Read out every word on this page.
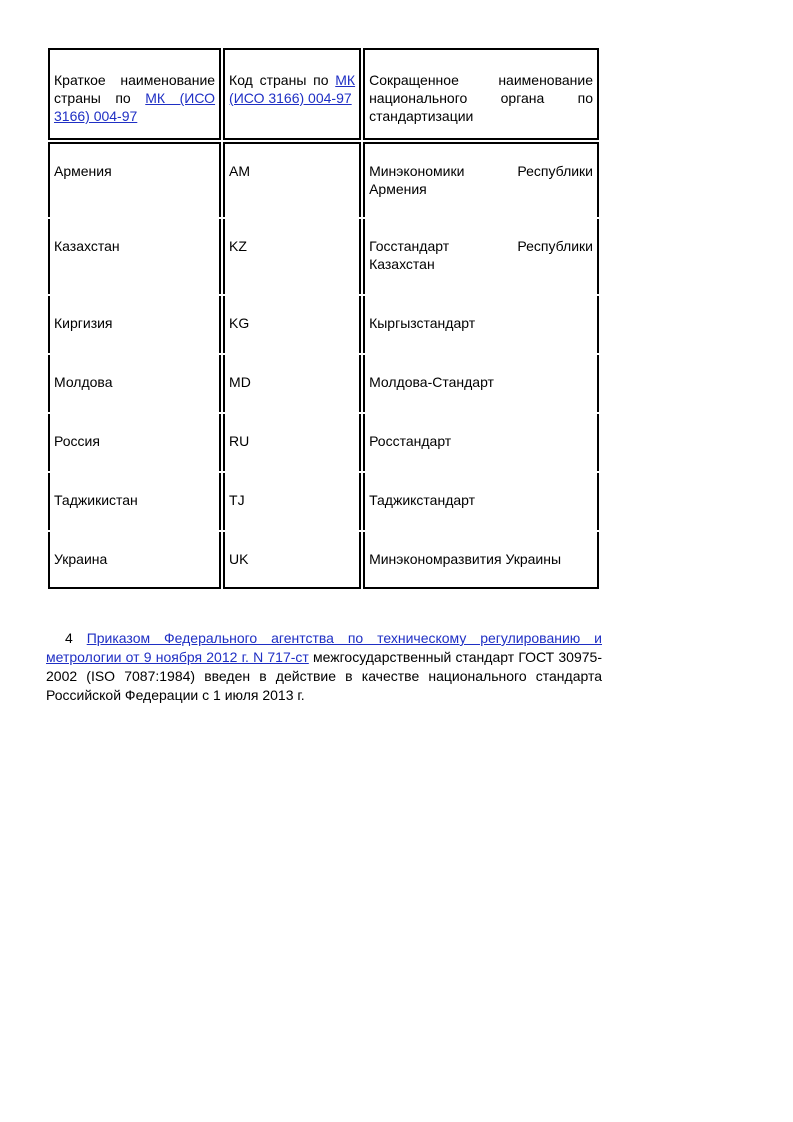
Краткое наименование страны по МК (ИСО 3166) 004-97	Код страны по МК (ИСО 3166) 004-97	Сокращенное наименование национального органа по стандартизации
Армения	AM	Минэкономики Республики Армения
Казахстан	KZ	Госстандарт Республики Казахстан
Киргизия	KG	Кыргызстандарт
Молдова	MD	Молдова-Стандарт
Россия	RU	Росстандарт
Таджикистан	TJ	Таджикстандарт
Украина	UK	Минэкономразвития Украины

4 Приказом Федерального агентства по техническому регулированию и метрологии от 9 ноября 2012 г. N 717-ст межгосударственный стандарт ГОСТ 30975-2002 (ISO 7087:1984) введен в действие в качестве национального стандарта Российской Федерации с 1 июля 2013 г.
